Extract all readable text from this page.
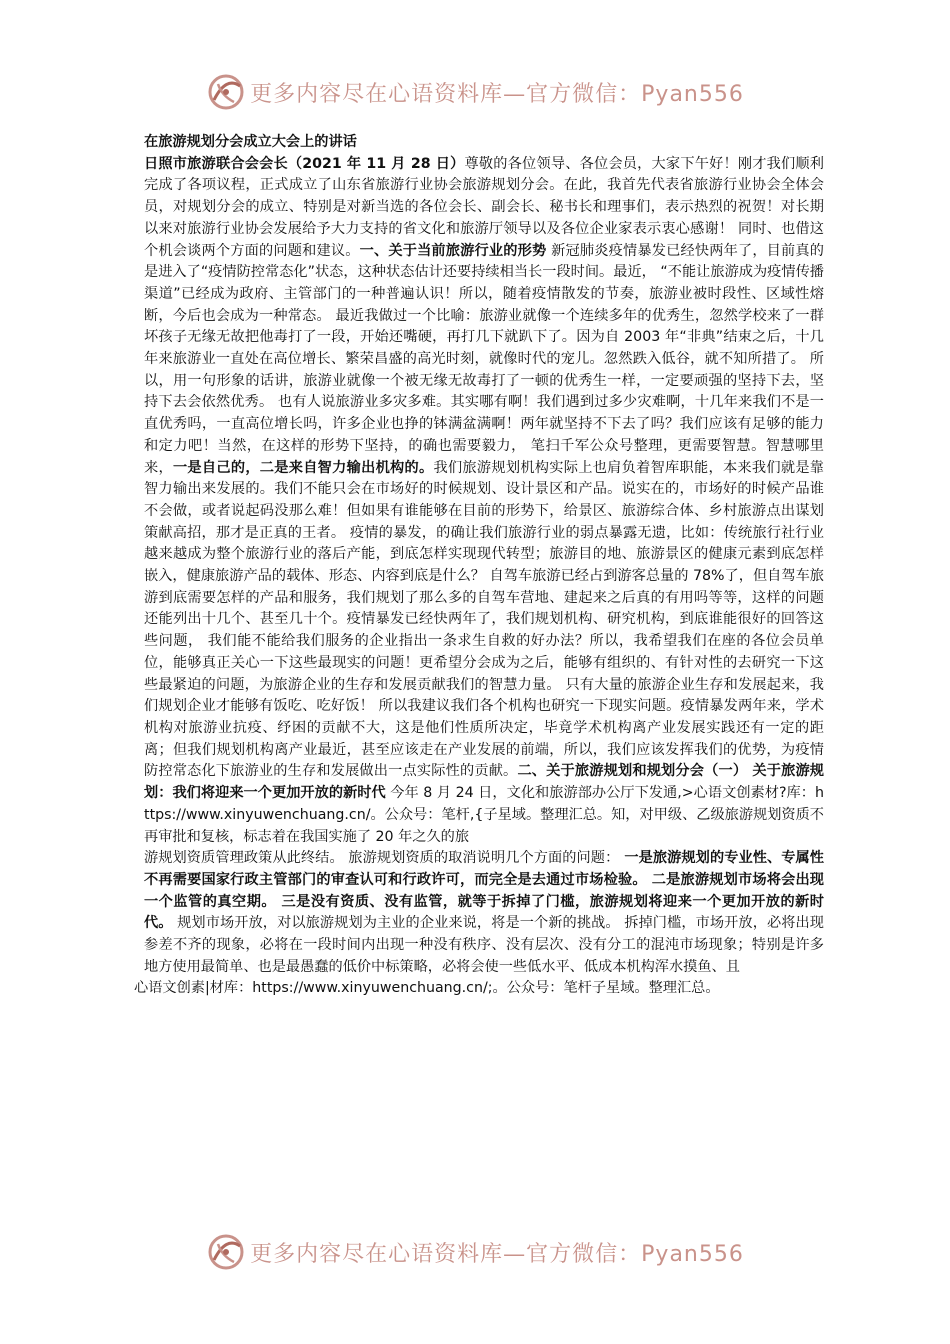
更多内容尽在心语资料库—官方微信：Pyan556

在旅游规划分会成立大会上的讲话

日照市旅游联合会会长（2021 年 11 月 28 日）尊敬的各位领导、各位会员，大家下午好！刚才我们顺利完成了各项议程，正式成立了山东省旅游行业协会旅游规划分会。在此，我首先代表省旅游行业协会全体会员，对规划分会的成立、特别是对新当选的各位会长、副会长、秘书长和理事们，表示热烈的祝贺！对长期以来对旅游行业协会发展给予大力支持的省文化和旅游厅领导以及各位企业家表示衷心感谢！ 同时、也借这个机会谈两个方面的问题和建议。一、关于当前旅游行业的形势 新冠肺炎疫情暴发已经快两年了，目前真的是进入了“疫情防控常态化”状态，这种状态估计还要持续相当长一段时间。最近， “不能让旅游成为疫情传播渠道”已经成为政府、主管部门的一种普遍认识！所以，随着疫情散发的节奏，旅游业被时段性、区域性熔断，今后也会成为一种常态。 最近我做过一个比喻：旅游业就像一个连续多年的优秀生，忽然学校来了一群坏孩子无缘无故把他毒打了一段，开始还嘴硬，再打几下就趴下了。因为自 2003 年“非典”结束之后，十几年来旅游业一直处在高位增长、繁荣昌盛的高光时刻，就像时代的宠儿。忽然跌入低谷，就不知所措了。 所以，用一句形象的话讲，旅游业就像一个被无缘无故毒打了一顿的优秀生一样，一定要顽强的坚持下去，坚持下去会依然优秀。 也有人说旅游业多灾多难。其实哪有啊！我们遇到过多少灾难啊，十几年来我们不是一直优秀吗，一直高位增长吗，许多企业也挣的钵满盆满啊！两年就坚持不下去了吗？我们应该有足够的能力和定力吧！当然，在这样的形势下坚持，的确也需要毅力， 笔扫千军公众号整理，更需要智慧。智慧哪里来，一是自己的，二是来自智力输出机构的。我们旅游规划机构实际上也肩负着智库职能，本来我们就是靠智力输出来发展的。我们不能只会在市场好的时候规划、设计景区和产品。说实在的，市场好的时候产品谁不会做，或者说起码没那么难！但如果有谁能够在目前的形势下，给景区、旅游综合体、乡村旅游点出谋划策献高招，那才是正真的王者。 疫情的暴发，的确让我们旅游行业的弱点暴露无遗，比如：传统旅行社行业越来越成为整个旅游行业的落后产能，到底怎样实现现代转型；旅游目的地、旅游景区的健康元素到底怎样嵌入，健康旅游产品的载体、形态、内容到底是什么？ 自驾车旅游已经占到游客总量的 78%了，但自驾车旅游到底需要怎样的产品和服务，我们规划了那么多的自驾车营地、建起来之后真的有用吗等等，这样的问题还能列出十几个、甚至几十个。疫情暴发已经快两年了，我们规划机构、研究机构，到底谁能很好的回答这些问题， 我们能不能给我们服务的企业指出一条求生自救的好办法？所以，我希望我们在座的各位会员单位，能够真正关心一下这些最现实的问题！更希望分会成为之后，能够有组织的、有针对性的去研究一下这些最紧迫的问题，为旅游企业的生存和发展贡献我们的智慧力量。 只有大量的旅游企业生存和发展起来，我们规划企业才能够有饭吃、吃好饭！ 所以我建议我们各个机构也研究一下现实问题。疫情暴发两年来，学术机构对旅游业抗疫、纾困的贡献不大，这是他们性质所决定，毕竟学术机构离产业发展实践还有一定的距离；但我们规划机构离产业最近，甚至应该走在产业发展的前端，所以，我们应该发挥我们的优势，为疫情防控常态化下旅游业的生存和发展做出一点实际性的贡献。二、关于旅游规划和规划分会（一） 关于旅游规划：我们将迎来一个更加开放的新时代 今年 8 月 24 日，文化和旅游部办公厅下发通,>心语文创素材?库：https://www.xinyuwenchuang.cn/。公众号：笔杆,{子星域。整理汇总。知，对甲级、乙级旅游规划资质不再审批和复核，标志着在我国实施了 20 年之久的旅

游规划资质管理政策从此终结。 旅游规划资质的取消说明几个方面的问题： 一是旅游规划的专业性、专属性不再需要国家行政主管部门的审查认可和行政许可，而完全是去通过市场检验。 二是旅游规划市场将会出现一个监管的真空期。 三是没有资质、没有监管，就等于拆掉了门槛，旅游规划将迎来一个更加开放的新时代。 规划市场开放，对以旅游规划为主业的企业来说，将是一个新的挑战。 拆掉门槛，市场开放，必将出现参差不齐的现象，必将在一段时间内出现一种没有秩序、没有层次、没有分工的混沌市场现象；特别是许多地方使用最简单、也是最愚蠢的低价中标策略，必将会使一些低水平、低成本机构浑水摸鱼、且

心语文创素|材库：https://www.xinyuwenchuang.cn/;。公众号：笔杆子星域。整理汇总。

更多内容尽在心语资料库—官方微信：Pyan556
